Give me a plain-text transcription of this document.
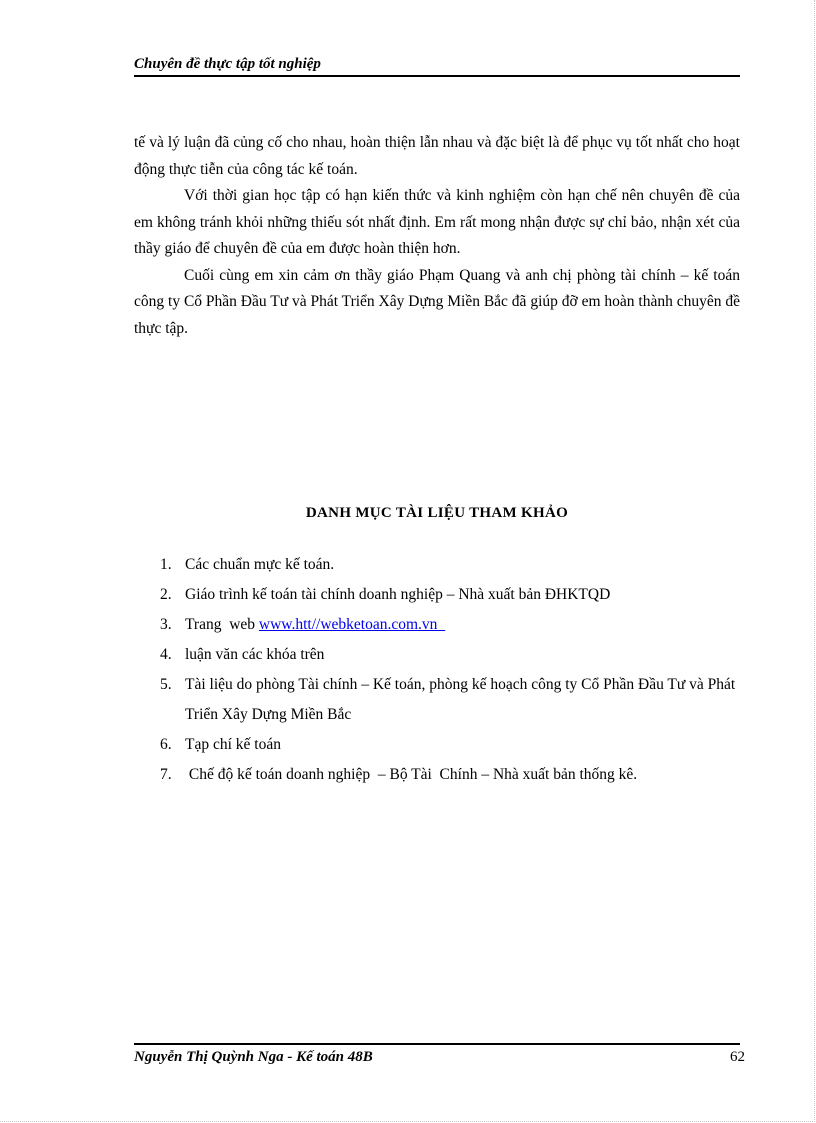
Chuyên đề thực tập tốt nghiệp

tế và lý luận đã củng cố cho nhau, hoàn thiện lẫn nhau và đặc biệt là để phục vụ tốt nhất cho hoạt động thực tiễn của công tác kế toán.

Với thời gian học tập có hạn kiến thức và kinh nghiệm còn hạn chế nên chuyên đề của em không tránh khỏi những thiếu sót nhất định. Em rất mong nhận được sự chỉ bảo, nhận xét của thầy giáo để chuyên đề của em được hoàn thiện hơn.

Cuối cùng em xin cảm ơn thầy giáo Phạm Quang và anh chị phòng tài chính – kế toán công ty Cổ Phần Đầu Tư và Phát Triển Xây Dựng Miền Bắc đã giúp đỡ em hoàn thành chuyên đề thực tập.

DANH MỤC TÀI LIỆU THAM KHẢO
1. Các chuẩn mực kế toán.
2. Giáo trình kế toán tài chính doanh nghiệp – Nhà xuất bản ĐHKTQD
3. Trang  web www.htt//webketoan.com.vn
4. luận văn các khóa trên
5. Tài liệu do phòng Tài chính – Kế toán, phòng kế hoạch công ty Cổ Phần Đầu Tư và Phát Triển Xây Dựng Miền Bắc
6. Tạp chí kế toán
7. Chế độ kế toán doanh nghiệp  – Bộ Tài  Chính – Nhà xuất bản thống kê.
Nguyễn Thị Quỳnh Nga - Kế toán 48B	62
